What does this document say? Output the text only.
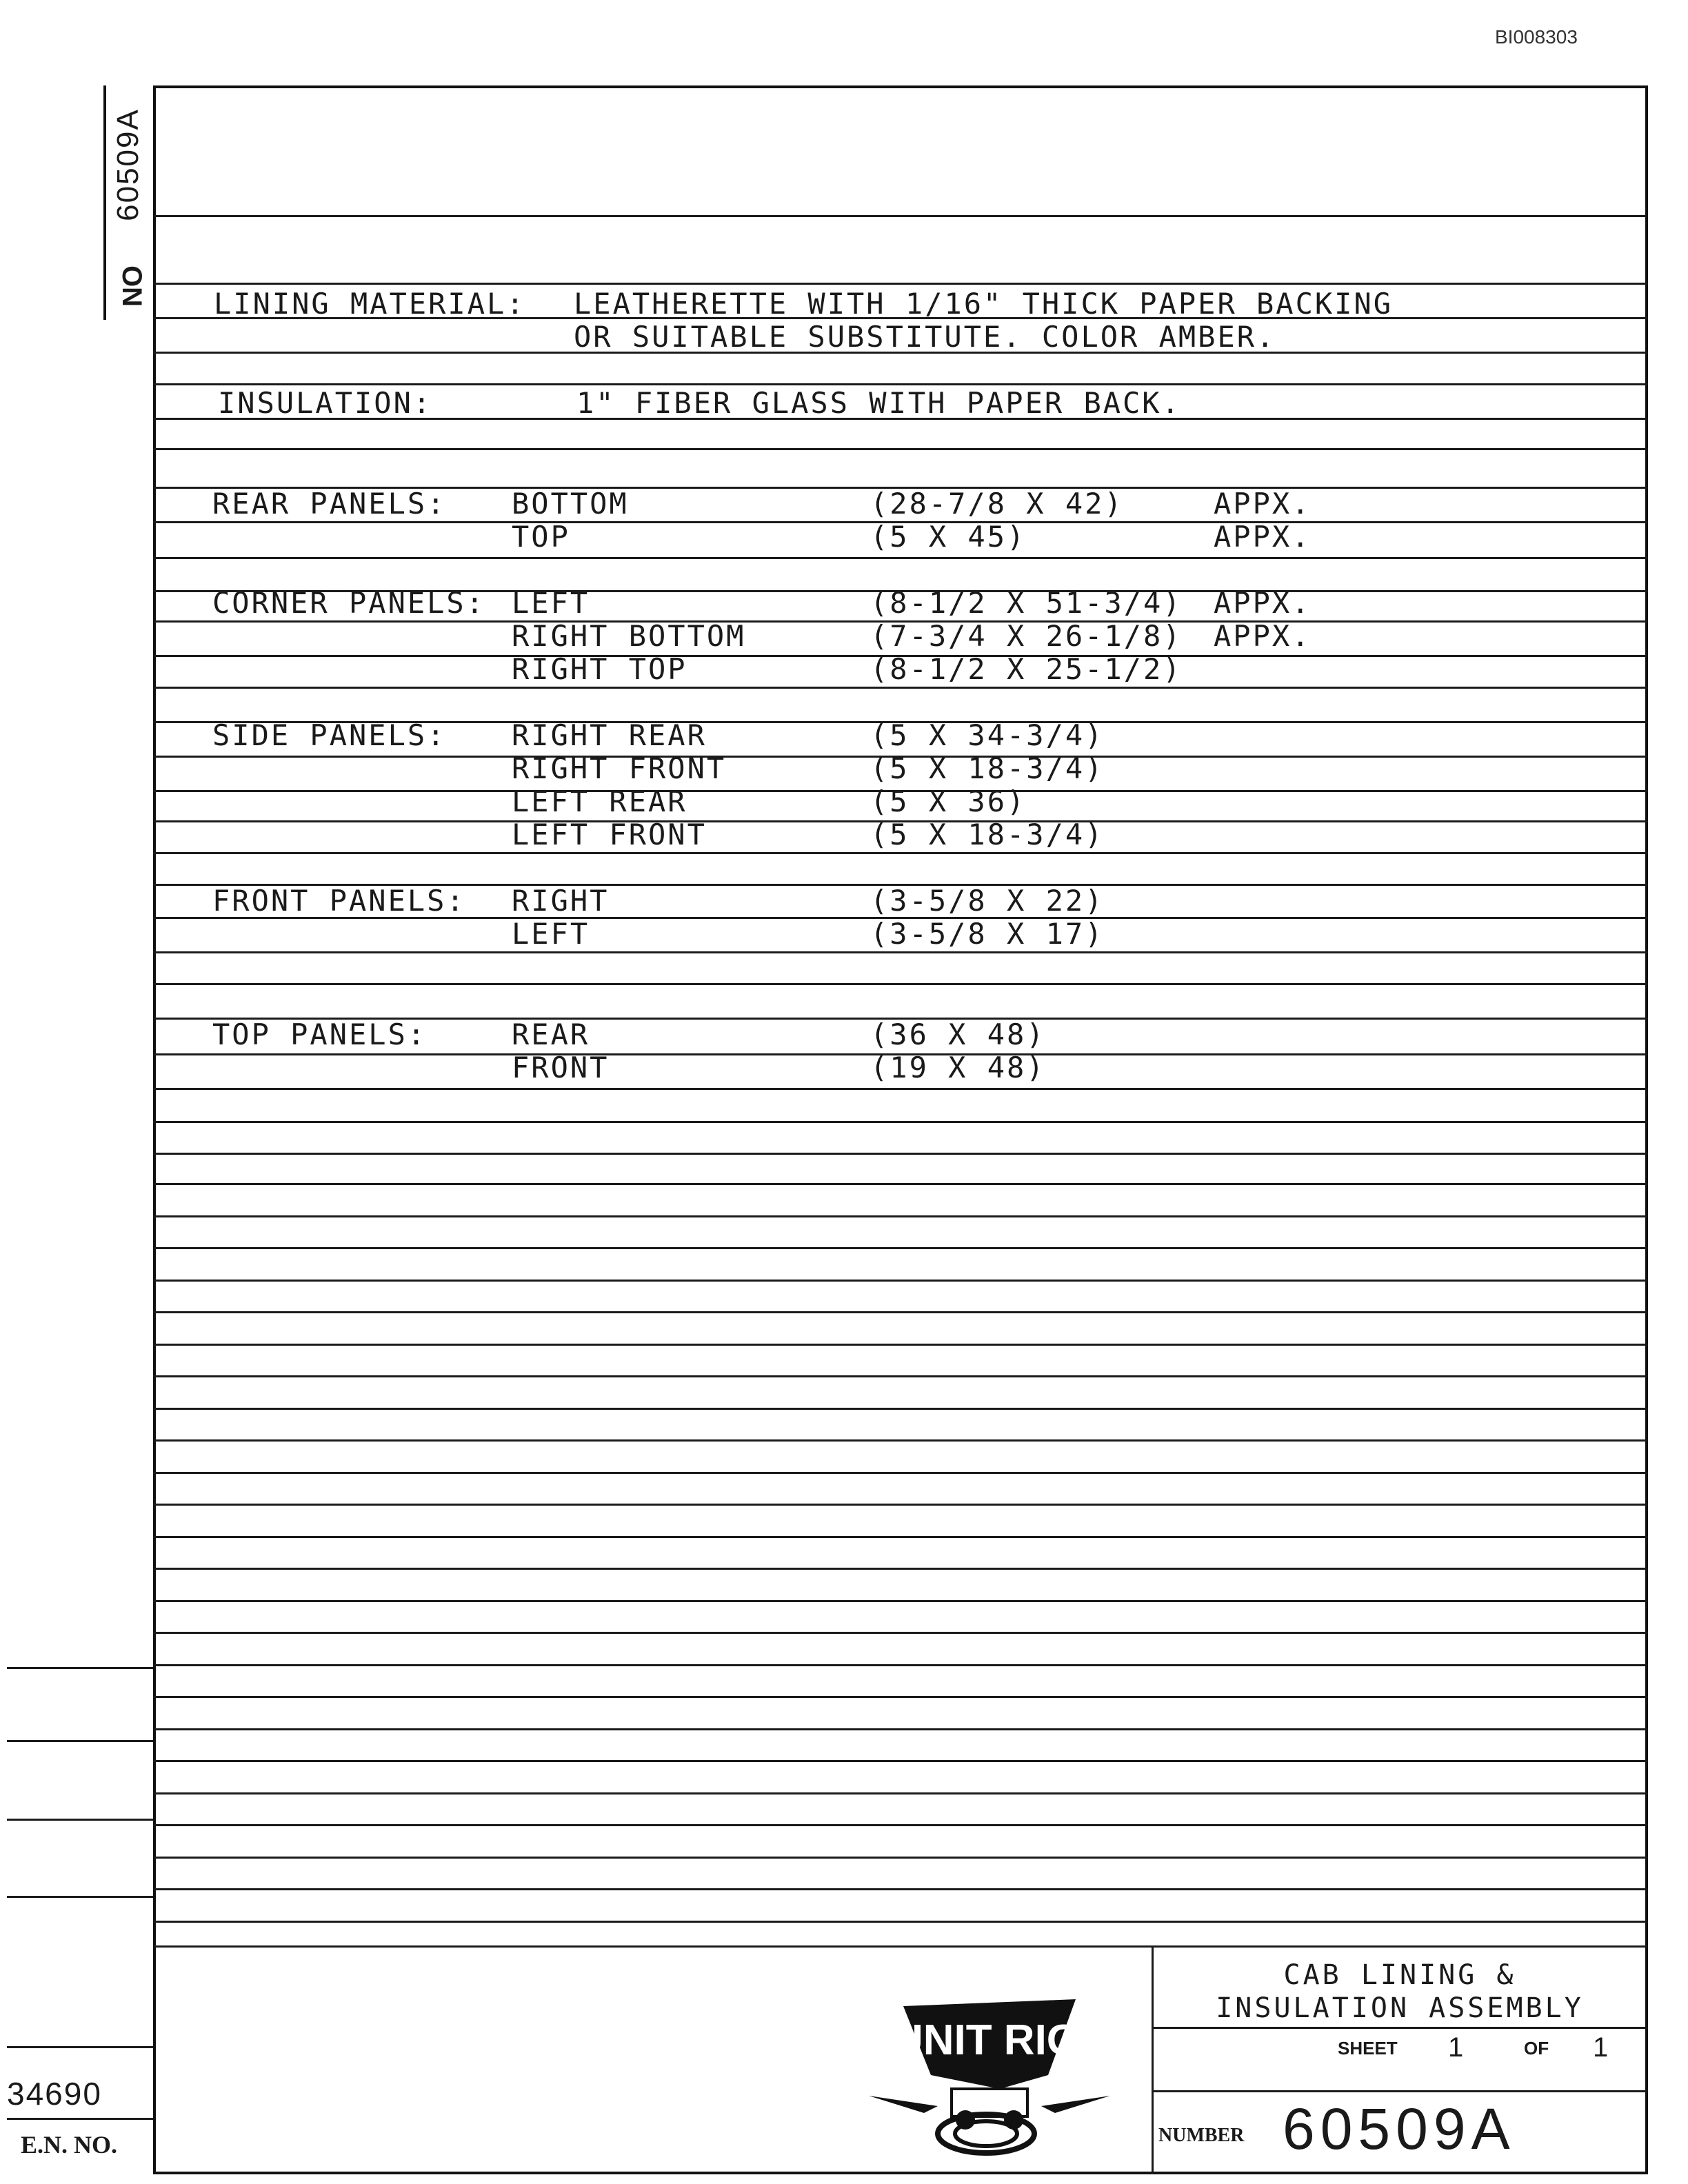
BI008303
60509A
NO LINING MATERIAL: LEATHERETTE WITH 1/16" THICK PAPER BACKING
OR SUITABLE SUBSTITUTE. COLOR AMBER.
INSULATION:	1" FIBER GLASS WITH PAPER BACK.
REAR PANELS: BOTTOM	(28-7/8 X 42)	APPX.
TOP	(5 X 45)	APPX.
CORNER PANELS: LEFT	(8-1/2 X 51-3/4) APPX.
RIGHT BOTTOM	(7-3/4 X 26-1/8) APPX.
RIGHT TOP	(8-1/2 X 25-1/2)
SIDE PANELS: RIGHT REAR	(5 X 34-3/4)
RIGHT FRONT	(5 X 18-3/4)
LEFT REAR	(5 X 36)
LEFT FRONT	(5 X 18-3/4)
FRONT PANELS: RIGHT	(3-5/8 X 22)
LEFT	(3-5/8 X 17)
TOP PANELS:	REAR	(36 X 48)
FRONT	(19 X 48)
UNIT RIG
CAB LINING &
INSULATION ASSEMBLY
SHEET 1	OF 1
NUMBER 60509A
34690
E.N. NO.
